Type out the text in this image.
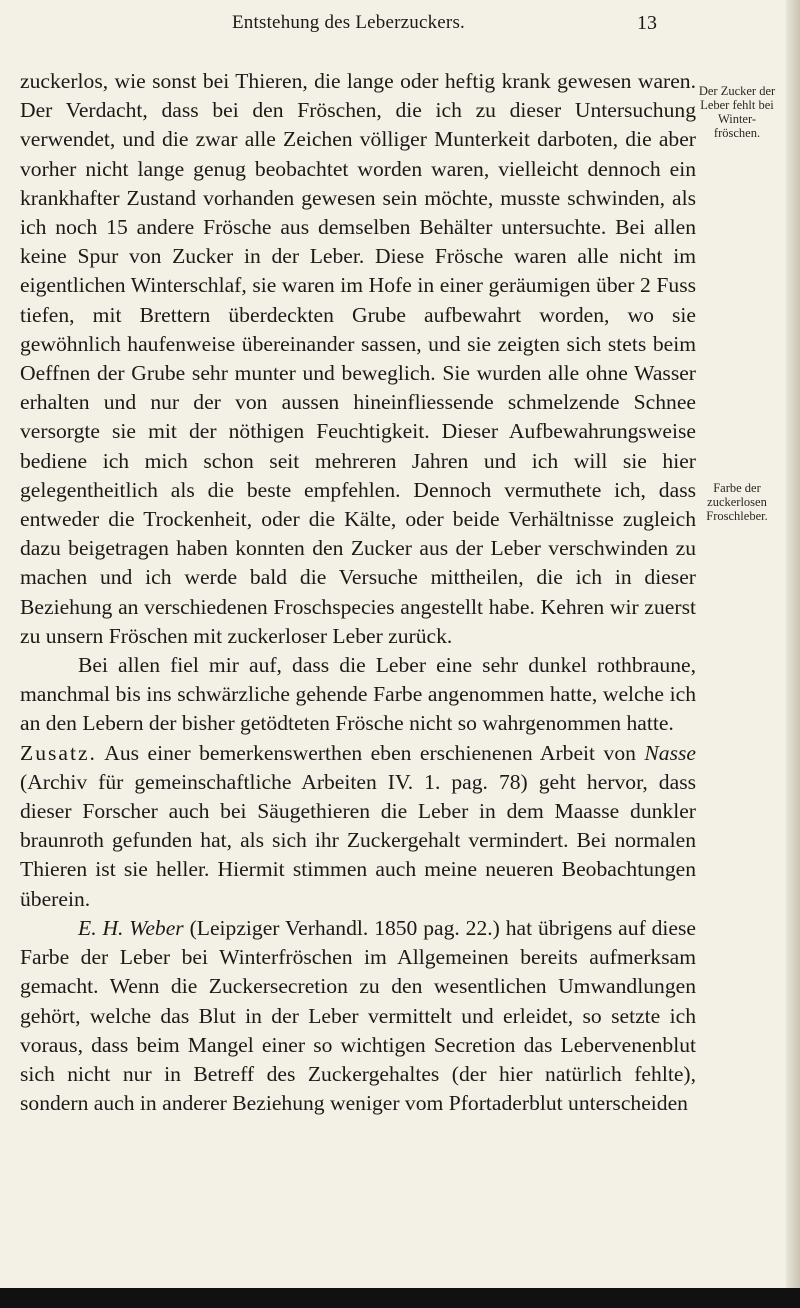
Entstehung des Leberzuckers.	13
Der Zucker der Leber fehlt bei Winter-fröschen.
Farbe der zuckerlosen Froschleber.

zuckerlos, wie sonst bei Thieren, die lange oder heftig krank gewesen waren. Der Verdacht, dass bei den Fröschen, die ich zu dieser Untersuchung verwendet, und die zwar alle Zeichen völliger Munterkeit darboten, die aber vorher nicht lange genug beobachtet worden waren, vielleicht dennoch ein krankhafter Zustand vorhanden gewesen sein möchte, musste schwinden, als ich noch 15 andere Frösche aus demselben Behälter untersuchte. Bei allen keine Spur von Zucker in der Leber. Diese Frösche waren alle nicht im eigentlichen Winterschlaf, sie waren im Hofe in einer geräumigen über 2 Fuss tiefen, mit Brettern überdeckten Grube aufbewahrt worden, wo sie gewöhnlich haufenweise übereinander sassen, und sie zeigten sich stets beim Oeffnen der Grube sehr munter und beweglich. Sie wurden alle ohne Wasser erhalten und nur der von aussen hineinfliessende schmelzende Schnee versorgte sie mit der nöthigen Feuchtigkeit. Dieser Aufbewahrungsweise bediene ich mich schon seit mehreren Jahren und ich will sie hier gelegentheitlich als die beste empfehlen. Dennoch vermuthete ich, dass entweder die Trockenheit, oder die Kälte, oder beide Verhältnisse zugleich dazu beigetragen haben konnten den Zucker aus der Leber verschwinden zu machen und ich werde bald die Versuche mittheilen, die ich in dieser Beziehung an verschiedenen Froschspecies angestellt habe. Kehren wir zuerst zu unsern Fröschen mit zuckerloser Leber zurück.

Bei allen fiel mir auf, dass die Leber eine sehr dunkel rothbraune, manchmal bis ins schwärzliche gehende Farbe angenommen hatte, welche ich an den Lebern der bisher getödteten Frösche nicht so wahrgenommen hatte.

Zusatz. Aus einer bemerkenswerthen eben erschienenen Arbeit von Nasse (Archiv für gemeinschaftliche Arbeiten IV. 1. pag. 78) geht hervor, dass dieser Forscher auch bei Säugethieren die Leber in dem Maasse dunkler braunroth gefunden hat, als sich ihr Zuckergehalt vermindert. Bei normalen Thieren ist sie heller. Hiermit stimmen auch meine neueren Beobachtungen überein.

E. H. Weber (Leipziger Verhandl. 1850 pag. 22.) hat übrigens auf diese Farbe der Leber bei Winterfröschen im Allgemeinen bereits aufmerksam gemacht. Wenn die Zuckersecretion zu den wesentlichen Umwandlungen gehört, welche das Blut in der Leber vermittelt und erleidet, so setzte ich voraus, dass beim Mangel einer so wichtigen Secretion das Lebervenenblut sich nicht nur in Betreff des Zuckergehaltes (der hier natürlich fehlte), sondern auch in anderer Beziehung weniger vom Pfortaderblut unterscheiden
